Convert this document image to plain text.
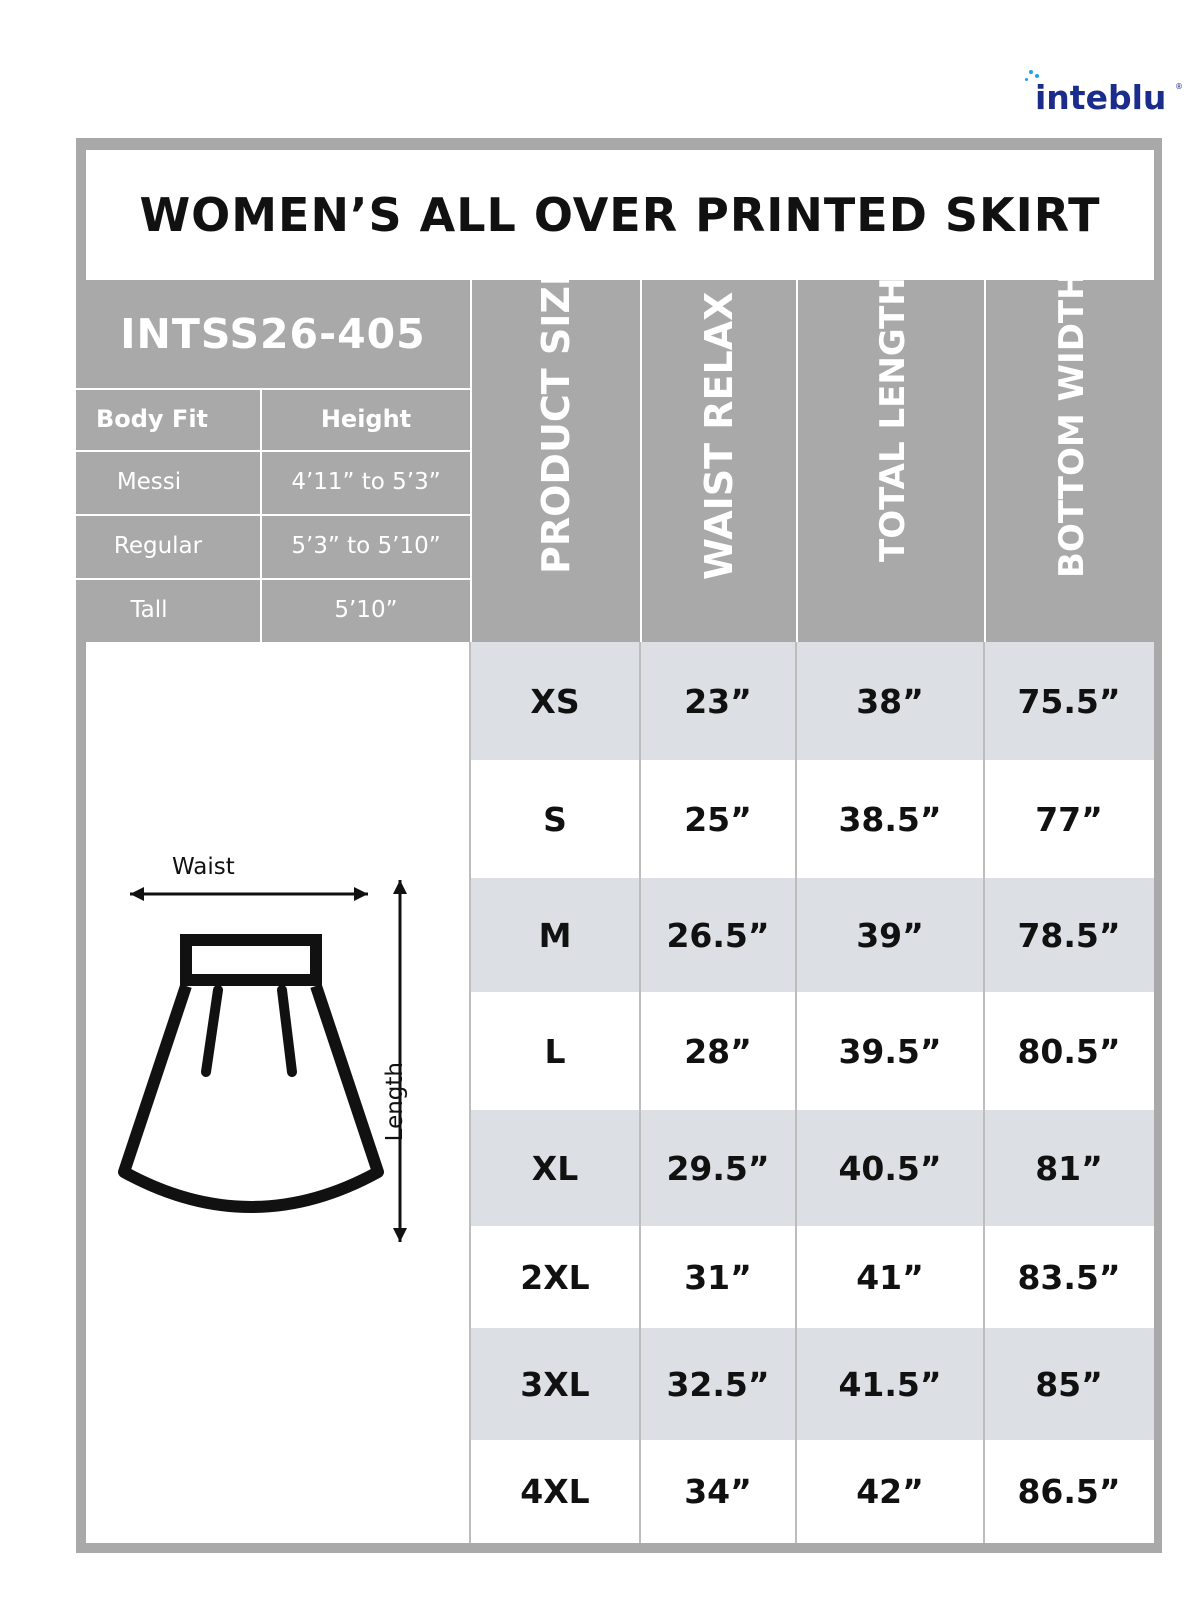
inteblu ®
WOMEN’S ALL OVER PRINTED SKIRT
INTSS26-405
Body Fit	Height
Messi	4’11” to 5’3”
Regular	5’3” to 5’10”
Tall	5’10”
PRODUCT SIZE	WAIST RELAX	TOTAL LENGTH	BOTTOM WIDTH
Waist
Length
XS	23”	38”	75.5”
S	25”	38.5”	77”
M	26.5”	39”	78.5”
L	28”	39.5”	80.5”
XL	29.5”	40.5”	81”
2XL	31”	41”	83.5”
3XL	32.5”	41.5”	85”
4XL	34”	42”	86.5”
